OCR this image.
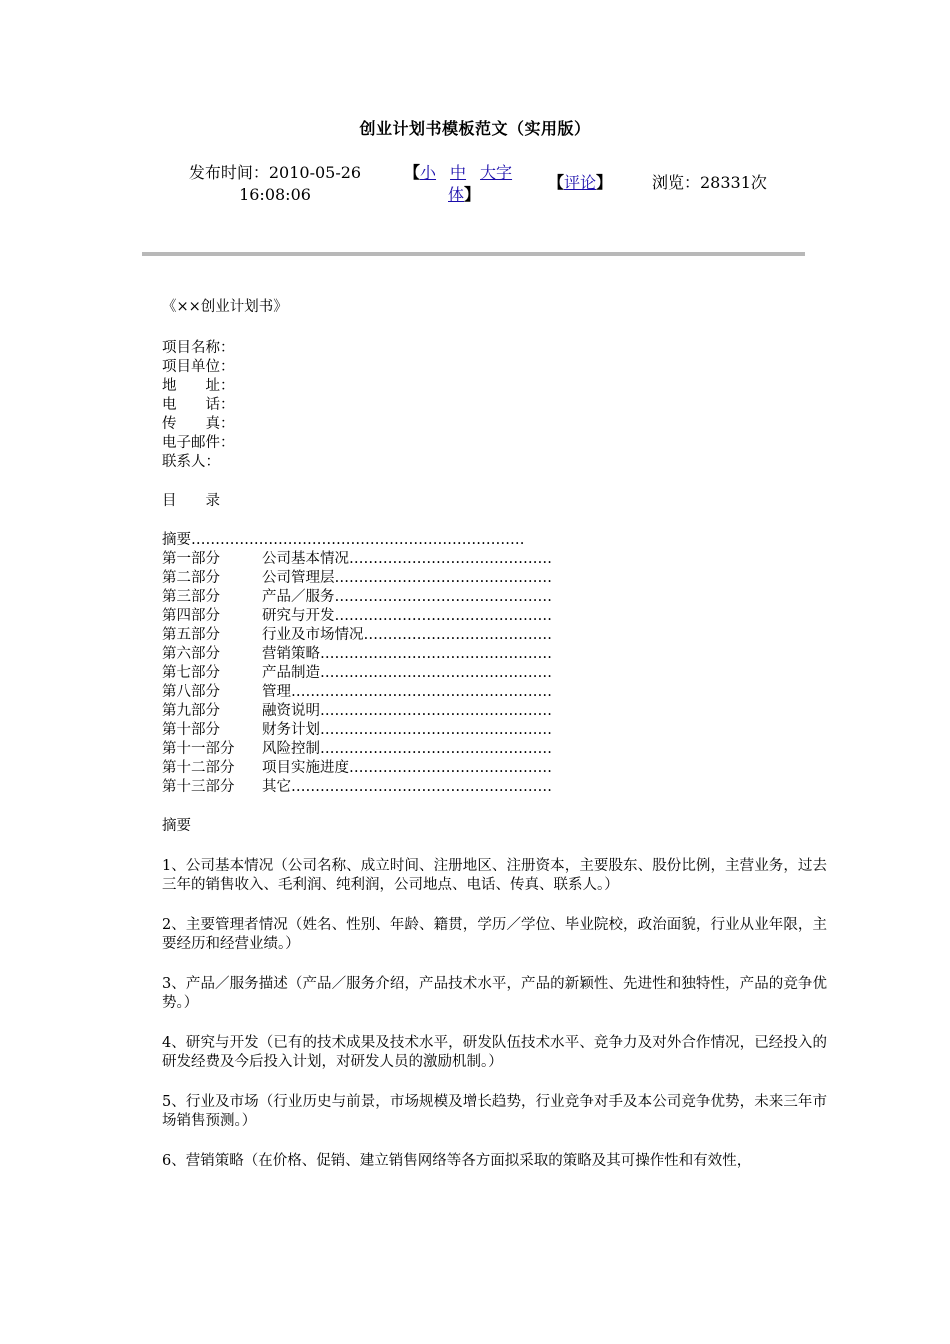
创业计划书模板范文（实用版）
发布时间：2010-05-26
16:08:06
【小 中 大字
体】
【评论】 浏览：28331次
《××创业计划书》
项目名称：
项目单位：
地　　址：
电　　话：
传　　真：
电子邮件：
联系人：
目　　录
摘要……………………………………………………………
第一部分	公司基本情况……………………………………
第二部分	公司管理层………………………………………
第三部分	产品／服务………………………………………
第四部分	研究与开发………………………………………
第五部分	行业及市场情况…………………………………
第六部分	营销策略…………………………………………
第七部分	产品制造…………………………………………
第八部分	管理………………………………………………
第九部分	融资说明…………………………………………
第十部分	财务计划…………………………………………
第十一部分 风险控制…………………………………………
第十二部分 项目实施进度……………………………………
第十三部分 其它………………………………………………
摘要
1、公司基本情况（公司名称、成立时间、注册地区、注册资本，主要股东、股份比例，主营业务，过去三年的销售收入、毛利润、纯利润，公司地点、电话、传真、联系人。）
2、主要管理者情况（姓名、性别、年龄、籍贯，学历／学位、毕业院校，政治面貌，行业从业年限，主要经历和经营业绩。）
3、产品／服务描述（产品／服务介绍，产品技术水平，产品的新颖性、先进性和独特性，产品的竞争优势。）
4、研究与开发（已有的技术成果及技术水平，研发队伍技术水平、竞争力及对外合作情况，已经投入的研发经费及今后投入计划，对研发人员的激励机制。）
5、行业及市场（行业历史与前景，市场规模及增长趋势，行业竞争对手及本公司竞争优势，未来三年市场销售预测。）
6、营销策略（在价格、促销、建立销售网络等各方面拟采取的策略及其可操作性和有效性，
